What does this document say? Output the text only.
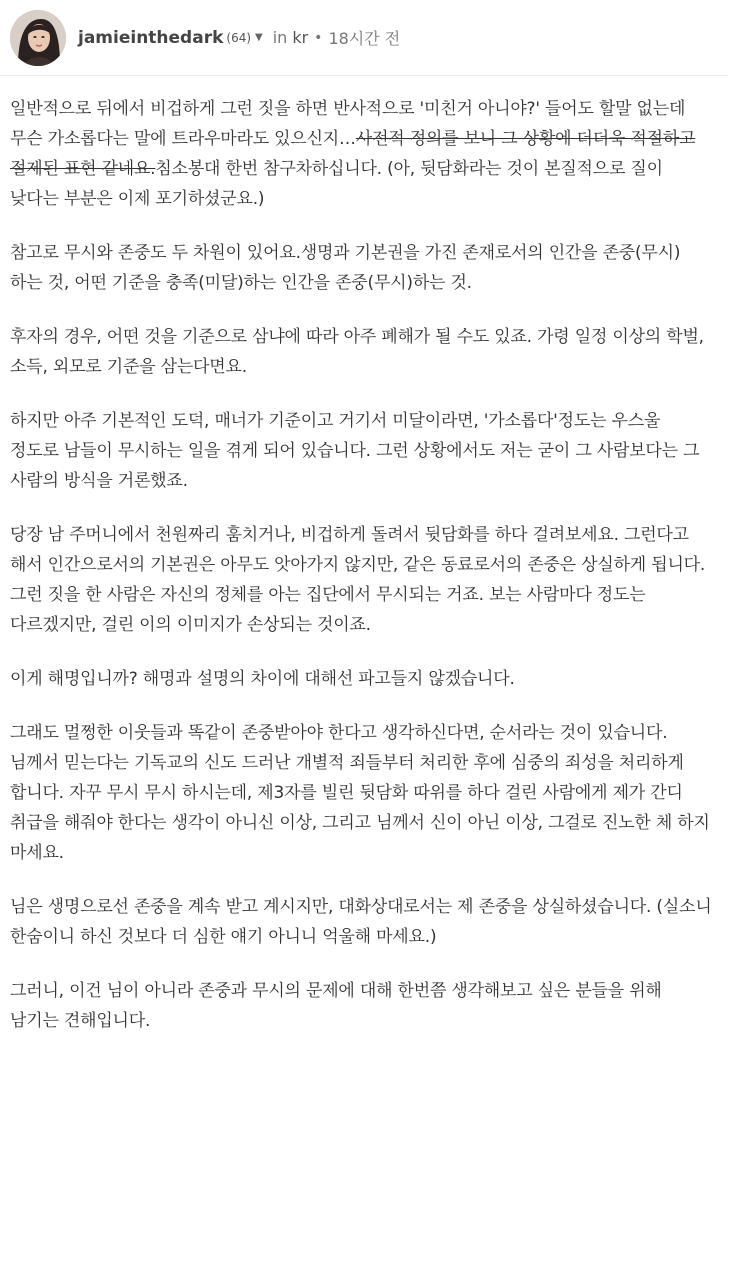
jamieinthedark (64) ▼ in kr • 18시간 전

일반적으로 뒤에서 비겁하게 그런 짓을 하면 반사적으로 '미친거 아니야?' 들어도 할말 없는데 무슨 가소롭다는 말에 트라우마라도 있으신지…사전적 정의를 보니 그 상황에 더더욱 적절하고 절제된 표현 같네요.침소봉대 한번 참구차하십니다. (아, 뒷담화라는 것이 본질적으로 질이 낮다는 부분은 이제 포기하셨군요.)

참고로 무시와 존중도 두 차원이 있어요.생명과 기본권을 가진 존재로서의 인간을 존중(무시)하는 것, 어떤 기준을 충족(미달)하는 인간을 존중(무시)하는 것.

후자의 경우, 어떤 것을 기준으로 삼냐에 따라 아주 폐해가 될 수도 있죠. 가령 일정 이상의 학벌, 소득, 외모로 기준을 삼는다면요.

하지만 아주 기본적인 도덕, 매너가 기준이고 거기서 미달이라면, '가소롭다'정도는 우스울 정도로 남들이 무시하는 일을 겪게 되어 있습니다. 그런 상황에서도 저는 굳이 그 사람보다는 그 사람의 방식을 거론했죠.

당장 남 주머니에서 천원짜리 훔치거나, 비겁하게 돌려서 뒷담화를 하다 걸려보세요. 그런다고 해서 인간으로서의 기본권은 아무도 앗아가지 않지만, 같은 동료로서의 존중은 상실하게 됩니다. 그런 짓을 한 사람은 자신의 정체를 아는 집단에서 무시되는 거죠. 보는 사람마다 정도는 다르겠지만, 걸린 이의 이미지가 손상되는 것이죠.

이게 해명입니까? 해명과 설명의 차이에 대해선 파고들지 않겠습니다.

그래도 멀쩡한 이웃들과 똑같이 존중받아야 한다고 생각하신다면, 순서라는 것이 있습니다. 님께서 믿는다는 기독교의 신도 드러난 개별적 죄들부터 처리한 후에 심중의 죄성을 처리하게 합니다. 자꾸 무시 무시 하시는데, 제3자를 빌린 뒷담화 따위를 하다 걸린 사람에게 제가 간디 취급을 해줘야 한다는 생각이 아니신 이상, 그리고 님께서 신이 아닌 이상, 그걸로 진노한 체 하지 마세요.

님은 생명으로선 존중을 계속 받고 계시지만, 대화상대로서는 제 존중을 상실하셨습니다. (실소니 한숨이니 하신 것보다 더 심한 얘기 아니니 억울해 마세요.)

그러니, 이건 님이 아니라 존중과 무시의 문제에 대해 한번쯤 생각해보고 싶은 분들을 위해 남기는 견해입니다.
